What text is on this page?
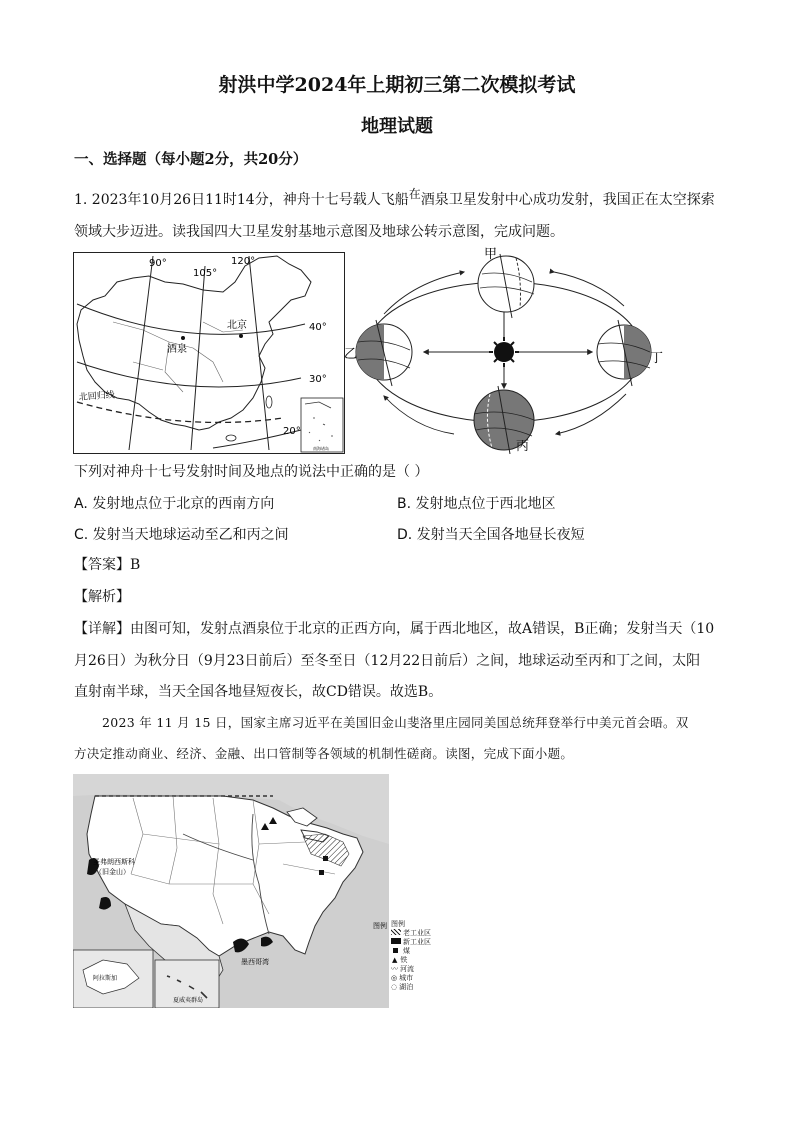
射洪中学2024年上期初三第二次模拟考试
地理试题
一、选择题（每小题2分，共20分）
1. 2023年10月26日11时14分，神舟十七号载人飞船在酒泉卫星发射中心成功发射，我国正在太空探索
领域大步迈进。读我国四大卫星发射基地示意图及地球公转示意图，完成问题。
90°
105°
120°
40°
30°
20°
北京
酒泉
北回归线
南海诸岛
甲
乙
丙
丁
下列对神舟十七号发射时间及地点的说法中正确的是（ ）
A. 发射地点位于北京的西南方向	B. 发射地点位于西北地区
C. 发射当天地球运动至乙和丙之间	D. 发射当天全国各地昼长夜短
【答案】B
【解析】
【详解】由图可知，发射点酒泉位于北京的正西方向，属于西北地区，故A错误，B正确；发射当天（10
月26日）为秋分日（9月23日前后）至冬至日（12月22日前后）之间，地球运动至丙和丁之间，太阳
直射南半球，当天全国各地昼短夜长，故CD错误。故选B。
2023 年 11 月 15 日，国家主席习近平在美国旧金山斐洛里庄园同美国总统拜登举行中美元首会晤。双
方决定推动商业、经济、金融、出口管制等各领域的机制性磋商。读图，完成下面小题。
圣弗朗西斯科
（旧金山）
墨西哥湾
阿拉斯加
夏威夷群岛
图例 图例
老工业区
新工业区
煤
▲ 铁
〰 河流
◎ 城市
◌ 湖泊
